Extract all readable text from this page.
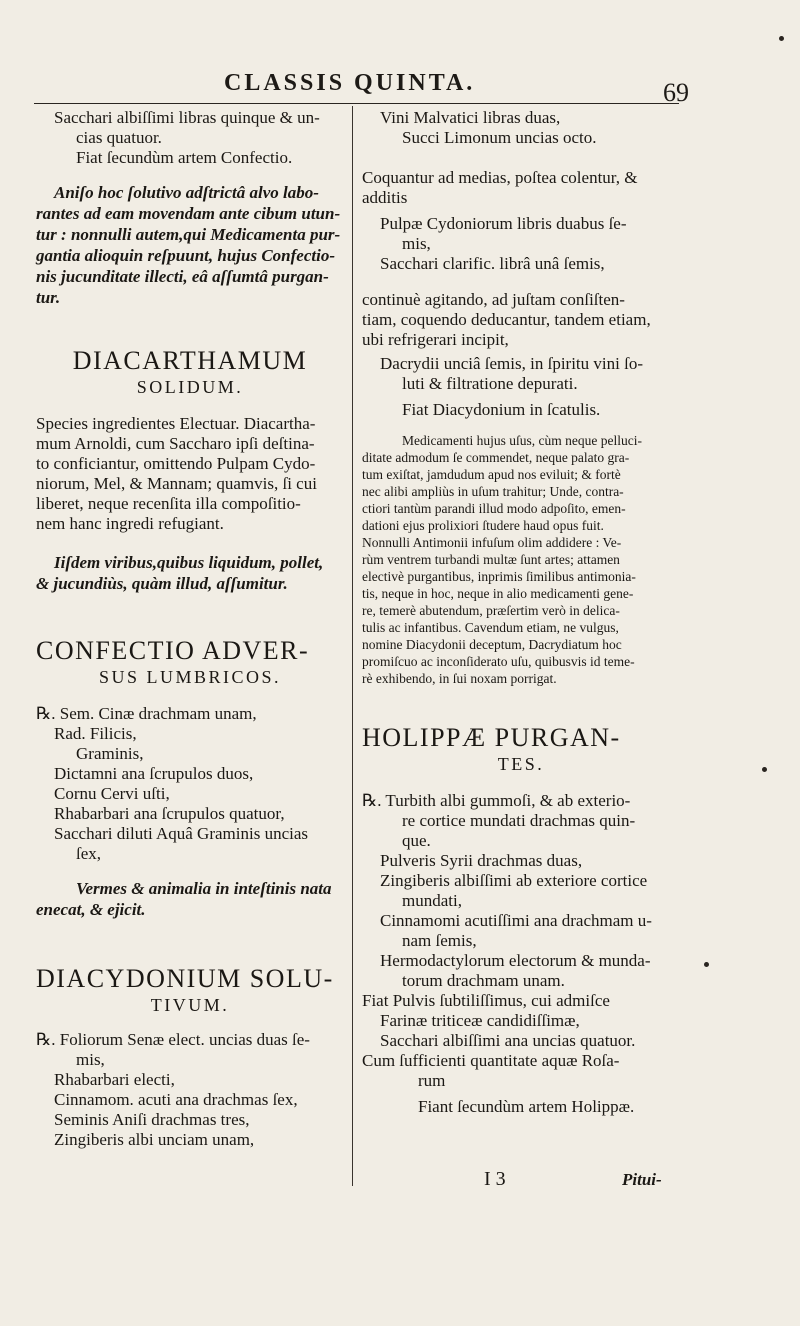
CLASSIS QUINTA.	69

Sacchari albiſſimi libras quinque & un-

cias quatuor.

Fiat ſecundùm artem Confectio.

Aniſo hoc ſolutivo adſtrictâ alvo labo-

rantes ad eam movendam ante cibum utun-

tur : nonnulli autem,qui Medicamenta pur-

gantia alioquin reſpuunt, hujus Confectio-

nis jucunditate illecti, eâ aſſumtâ purgan-

tur.

DIACARTHAMUM

SOLIDUM.

Species ingredientes Electuar. Diacartha-

mum Arnoldi, cum Saccharo ipſi deſtina-

to conficiantur, omittendo Pulpam Cydo-

niorum, Mel, & Mannam; quamvis, ſi cui

liberet, neque recenſita illa compoſitio-

nem hanc ingredi refugiant.

Iiſdem viribus,quibus liquidum, pollet,

& jucundiùs, quàm illud, aſſumitur.

CONFECTIO ADVER-

SUS LUMBRICOS.

℞. Sem. Cinæ drachmam unam,

Rad. Filicis,

Graminis,

Dictamni ana ſcrupulos duos,

Cornu Cervi uſti,

Rhabarbari ana ſcrupulos quatuor,

Sacchari diluti Aquâ Graminis uncias

ſex,

Vermes & animalia in inteſtinis nata

enecat, & ejicit.

DIACYDONIUM SOLU-

TIVUM.

℞. Foliorum Senæ elect. uncias duas ſe-

mis,

Rhabarbari electi,

Cinnamom. acuti ana drachmas ſex,

Seminis Aniſi drachmas tres,

Zingiberis albi unciam unam,

Vini Malvatici libras duas,

Succi Limonum uncias octo.

Coquantur ad medias, poſtea colentur, &

additis

Pulpæ Cydoniorum libris duabus ſe-

mis,

Sacchari clarific. librâ unâ ſemis,

continuè agitando, ad juſtam conſiſten-

tiam, coquendo deducantur, tandem etiam,

ubi refrigerari incipit,

Dacrydii unciâ ſemis, in ſpiritu vini ſo-

luti & filtratione depurati.

Fiat Diacydonium in ſcatulis.

Medicamenti hujus uſus, cùm neque pelluci-

ditate admodum ſe commendet, neque palato gra-

tum exiſtat, jamdudum apud nos eviluit; & fortè

nec alibi ampliùs in uſum trahitur; Unde, contra-

ctiori tantùm parandi illud modo adpoſito, emen-

dationi ejus prolixiori ſtudere haud opus fuit.

Nonnulli Antimonii infuſum olim addidere : Ve-

rùm ventrem turbandi multæ ſunt artes; attamen

electivè purgantibus, inprimis ſimilibus antimonia-

tis, neque in hoc, neque in alio medicamenti gene-

re, temerè abutendum, præſertim verò in delica-

tulis ac infantibus. Cavendum etiam, ne vulgus,

nomine Diacydonii deceptum, Dacrydiatum hoc

promiſcuo ac inconſiderato uſu, quibusvis id teme-

rè exhibendo, in ſui noxam porrigat.

HOLIPPÆ PURGAN-

TES.

℞. Turbith albi gummoſi, & ab exterio-

re cortice mundati drachmas quin-

que.

Pulveris Syrii drachmas duas,

Zingiberis albiſſimi ab exteriore cortice

mundati,

Cinnamomi acutiſſimi ana drachmam u-

nam ſemis,

Hermodactylorum electorum & munda-

torum drachmam unam.

Fiat Pulvis ſubtiliſſimus, cui admiſce

Farinæ triticeæ candidiſſimæ,

Sacchari albiſſimi ana uncias quatuor.

Cum ſufficienti quantitate aquæ Roſa-

rum

Fiant ſecundùm artem Holippæ.

I 3	Pitui-
